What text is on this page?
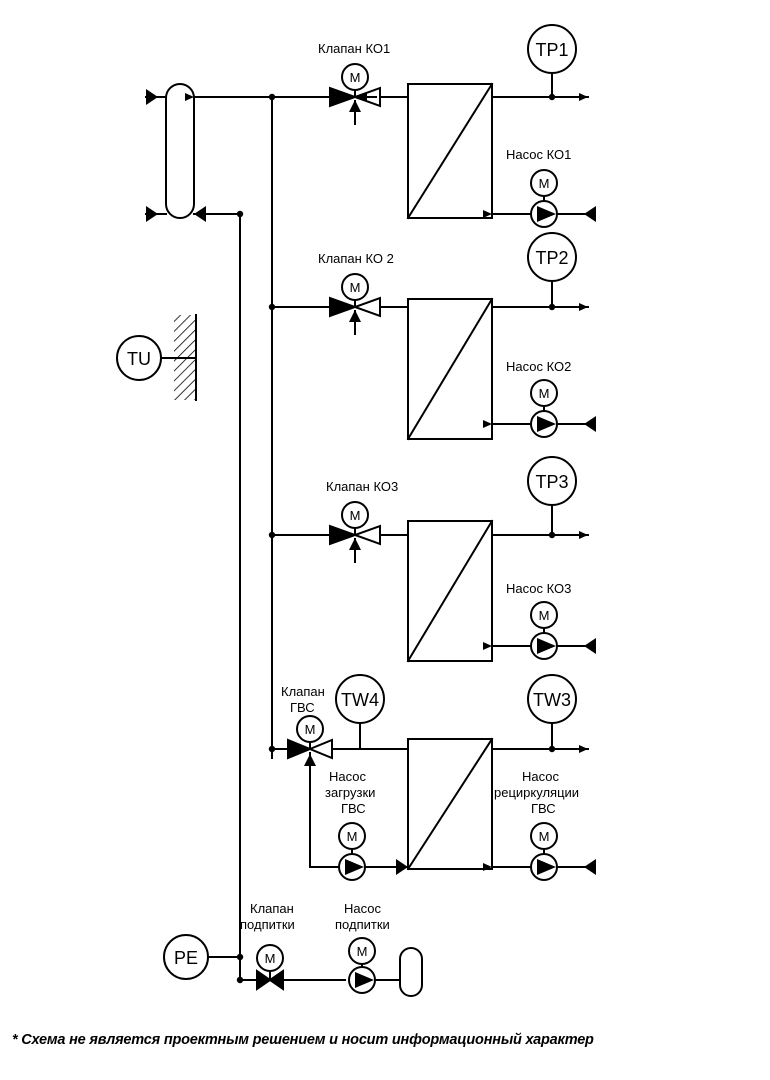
Клапан КО1
Клапан КО 2
Клапан КО3
Клапан
ГВС
Насос КО1
Насос КО2
Насос КО3
Насос
загрузки
ГВС
Насос
рециркуляции
ГВС
Клапан
подпитки
Насос
подпитки
M
M
M
M
M
M
M
M
M	M
M
TP1
TP2
TP3
TU
TW4	TW3
PE
* Схема не является проектным решением и носит информационный характер
